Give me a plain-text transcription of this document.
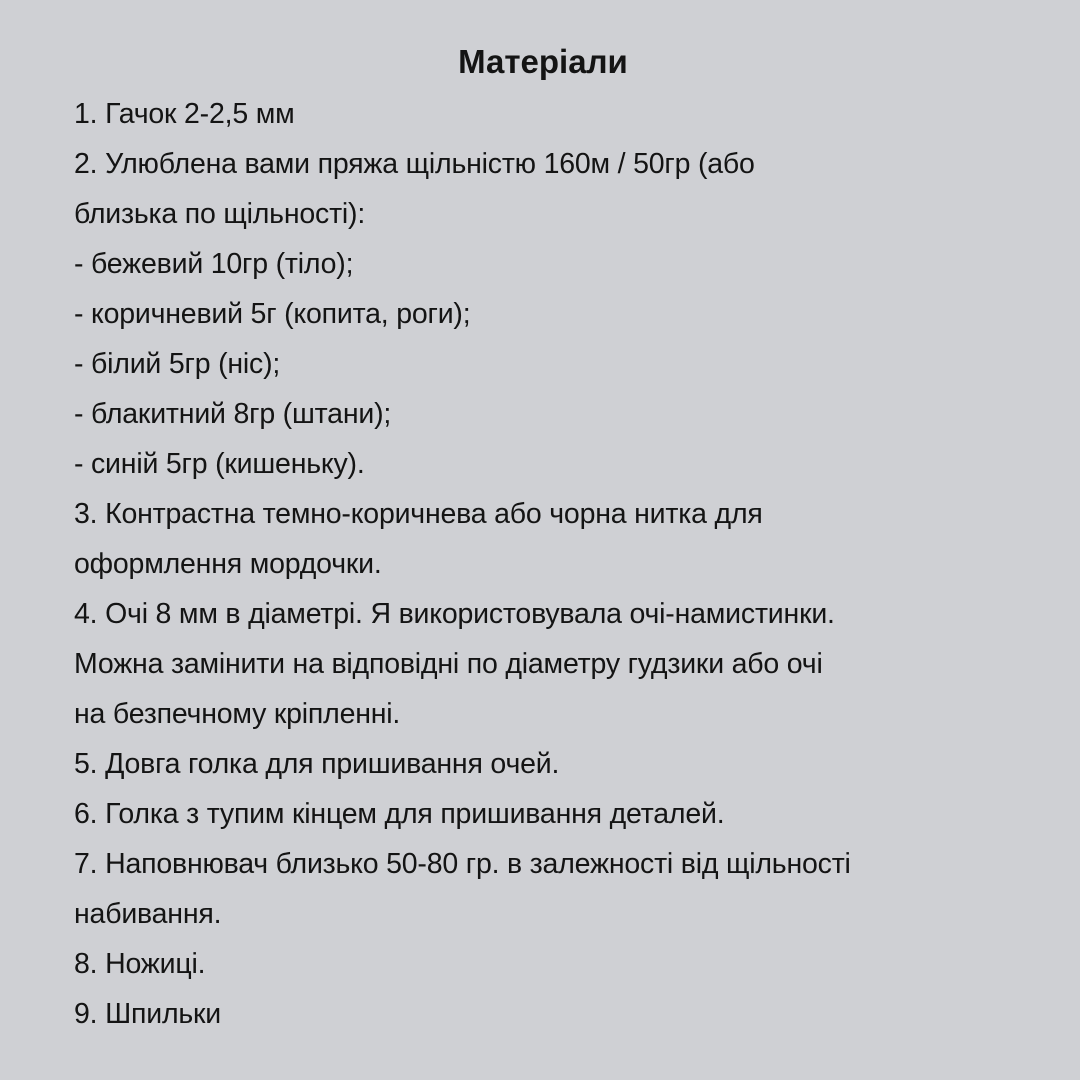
Матеріали
1. Гачок 2-2,5 мм
2. Улюблена вами пряжа щільністю 160м / 50гр (або
близька по щільності):
- бежевий 10гр (тіло);
- коричневий 5г (копита, роги);
- білий 5гр (ніс);
- блакитний 8гр (штани);
- синій 5гр (кишеньку).
3. Контрастна темно-коричнева або чорна нитка для
оформлення мордочки.
4. Очі 8 мм в діаметрі. Я використовувала очі-намистинки.
Можна замінити на відповідні по діаметру гудзики або очі
на безпечному кріпленні.
5. Довга голка для пришивання очей.
6. Голка з тупим кінцем для пришивання деталей.
7. Наповнювач близько 50-80 гр. в залежності від щільності
набивання.
8. Ножиці.
9. Шпильки
